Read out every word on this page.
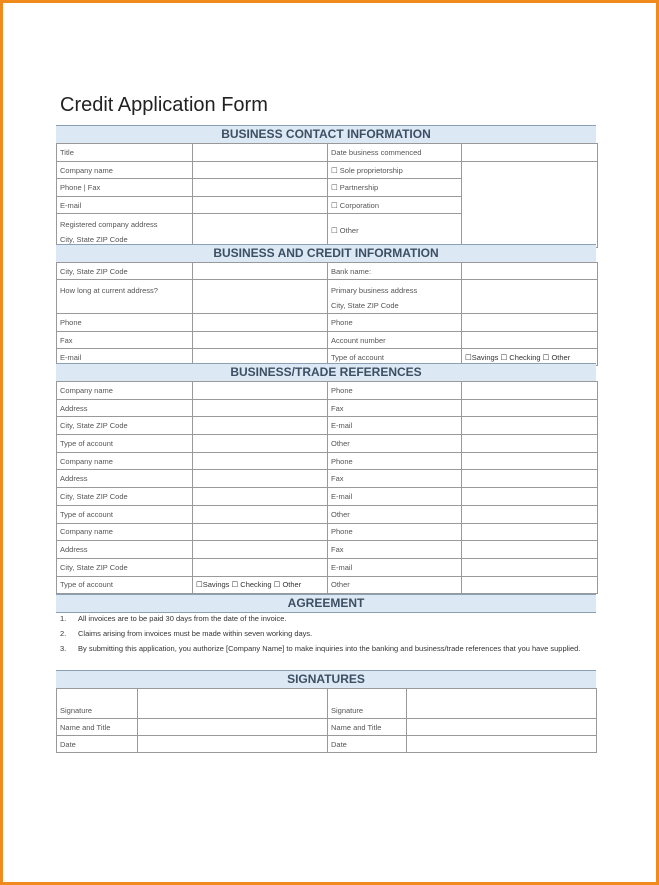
Credit Application Form
BUSINESS CONTACT INFORMATION
Title		Date business commenced	
Company name		☐ Sole proprietorship	
Phone | Fax		☐ Partnership	
E-mail		☐ Corporation	
Registered company address
City, State ZIP Code		☐ Other	
BUSINESS AND CREDIT INFORMATION
City, State ZIP Code		Bank name:	
How long at current address?		Primary business address
City, State ZIP Code	
Phone		Phone	
Fax		Account number	
E-mail		Type of account	☐Savings ☐ Checking ☐ Other
BUSINESS/TRADE REFERENCES
Company name		Phone	
Address		Fax	
City, State ZIP Code		E-mail	
Type of account		Other	
Company name		Phone	
Address		Fax	
City, State ZIP Code		E-mail	
Type of account		Other	
Company name		Phone	
Address		Fax	
City, State ZIP Code		E-mail	
Type of account	☐Savings ☐ Checking ☐ Other	Other	
AGREEMENT
1.	All invoices are to be paid 30 days from the date of the invoice.
2.	Claims arising from invoices must be made within seven working days.
3.	By submitting this application, you authorize [Company Name] to make inquiries into the banking and business/trade references that you have supplied.
SIGNATURES
Signature		Signature	
Name and Title		Name and Title	
Date		Date	
